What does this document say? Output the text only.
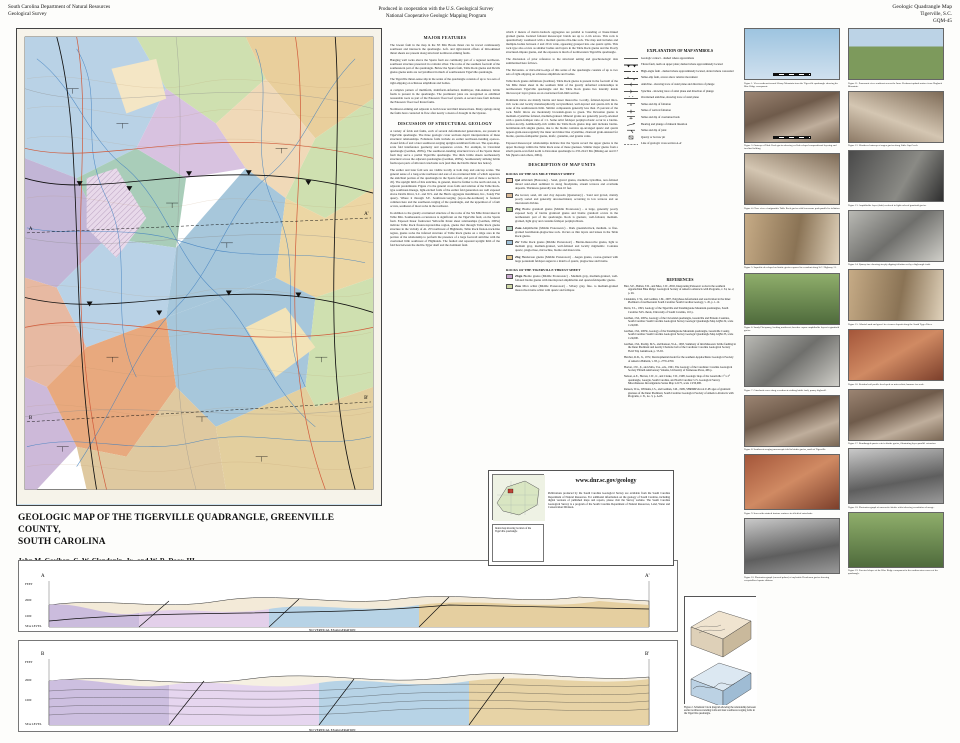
South Carolina Department of Natural Resources
Geological Survey
Produced in cooperation with the U.S. Geological Survey
National Cooperative Geologic Mapping Program
Geologic Quadrangle Map
Tigerville, S.C.
GQM-45
A
A'
B
B'
GEOLOGIC MAP OF THE TIGERVILLE QUADRANGLE, GREENVILLE COUNTY,
SOUTH CAROLINA
A	A'
FEET
2000
1000
SEA LEVEL
NO VERTICAL EXAGGERATION
B	B'
FEET
2000
1000
SEA LEVEL
NO VERTICAL EXAGGERATION
MAJOR FEATURES

The lowest fault in the map in the SE Mtn Brook thrust can be traced continuously southwest and intersects the quadrangle. Left- and right-lateral offsets of thin-skinned thrust sheets are present along structural northwest-striking faults.

Hanging wall rocks above the Sparta fault are commonly part of a regional northwest-southwest structure preserved in a tabular sliver. The rocks of the southern footwall of the southeastern part of the quadrangle. Below the Sparta fault, Table Rock gneiss and Devils gneiss gneiss units are recrystallized in much of southwestern Tigerville quadrangle.

The Tigerville thrust-sense slip in the series of the quadrangle consists of up to two sets of right-slipping on schistose amphibole and bodies.

A complex pattern of multiform, multiform-deformed, multilayer, thin-skinned, brittle faults is present in the quadrangle. The prominent joins are recognized as exhibited reasonable roots as part of the Paleozoic floor/roof system. A second zone fault includes the Paleozoic floor/roof thrust faults.

Northwest-striking and adjacent to both lower and third intersections. Many springs along the faults have contacted in flow after nearly a dozen of drought in the Upstate.

DISCUSSION OF STRUCTURAL GEOLOGY

A variety of folds and faults, each of several deformational generations, are present in Tigerville quadrangle. The three geologic cover sections depict interpretations of these structural relationships. Foliations folds include an earlier northwest-trending open-to-closed folds of and a later southwest-verging upright-recumbent folds set. The open-map-scale fold interference geometry and sequences occurs. For example, in Cleveland quadrangle (Garihan, 2005a), The southwest-trending structural trace of the Sparta thrust fault may serve a partial Tigerville quadrangle. The thick brittle sheets northeasterly structural across the adjacent quadrangles (Garihan, 2005a). Southeasterly striking brittle faults upon parts of silicated cataclasite rock (and thus the Devils thrust lies below).

The earlier and later fold sets are visible locally at both map and outcrop scales. The general sense of a long-scale northeast and east of an overturned limb of which separates the anticlinal portion of the quadrangle in the Sparta fault, and part of these a section 0-45). The upright limb of this anticline, in general, must be further to the north and east, is adjacent predominant. Figure 2 is the general cross folds and relation of the Table Rock-type southwest-lineage, light-excited folds of the earlier fold generation are well exposed above Devils River, S.C. and W.S. and the Harris aggregate installment, Inc., Sandy Flat quarry. Where it through S.E. Southwest-verging (top-to-the-northeast) is featured common here and the southwest-verging of the quadrangle, and the uppermost of a fault occurs, southeast of most rocks in the northeast.

In addition to the greatly overturned structure of the rocks of the Six Mile thrust sheet in Table Mtn. Southeastern occurrences is significant on the Tigerville fault, on the Sparta fault. Exposed linear freshwater Yellowfin thrust sheet relationships (Garihan, 2005a) indicate Table Rock fission-layered-like region, gneiss that through Table Rock gneiss structure in the vicinity of Al. 253 northwest of Highlands, Table Rock fission-track-like region, gneiss rocks the inferred structure of Table Rock gneiss on a ridge area in the portion of the relationship to perform the presence of a large footwall anticline with the overturned limb southwest of Highlands. The faulted and repeated upright limb of the fold lies between the ductile-Tyger shelf and the dominant fault.

which 2 meters of metric-bedrock aggregates are parallel to bounding or linear-linked grained gneiss. Isolated foliated mesoscopic braids are up to 2-cm across. This rock is quantitatively weathered with a mottled quartzo ribs-like rock. The map unit includes and multiple-bodies between 2 and 20 m wide, appearing grouped into one quartz splits. This rock type also occurs as smaller bodies and layers in the Table Rock gneiss and the Poorly structured-impure gneiss, and the exposure is much of northwestern Tigerville quadrangle.

The discussion of prior reference to the structural setting and geochronologic data summarized here follows.

The Devonian- or mica-micro-edge of this series of the quadrangle consists of up to two sets of right-slipping on schistose amphibole and bodies.

Table Rock gneiss definitions (Garihan). Table Rock gneiss is present in the footwall of the Six Mile thrust sheet in the southern limit of the greatly deformed relationships in northwestern Tigerville quadrangle and the Table Rock gneiss lies laterally inside microscopic layer grains on an overturned fold-limb section.

Dominant micas are mainly biotite and lesser muscovite. Locally, foliated-layered mica-rich rocks and locally metamorphically recrystallized, well-layered and quartz-rich in the zone of the southwestern limb. Similar components generally less than 15 percent of the rock. Mafic micas are moderately brownish-green to green. The Devonian gneiss is medium-crystalline foliated, medium-grained. Mineral grains are generally poorly-oriented with a quartz-feldspar ratio of 1:1. Some relict feldspar porphyroclastic occur in a biotite-surface-locally. Additionally-rich within the Table Rock gneiss map unit includes biotite-hornblende-rich singles gneiss, due to the biotite contains up-arranged quartz and quartz appear-grain-near-regularly the inner and minor like crystalline, charnoid grain-unusual for biotite, quartzo-feldspathic gneiss, mafic, granulite, and granite veins.

Exposed mesoscopic relationships indicate that the Sparta record the upper gneiss is the upper blockage within the Table Rock zone of these gneisses. Similar major gneiss from a small quartz-scan field north to Devonian quadrangle to 235-224.5 Ma (Mining-set and 0.7 Ma (Sparta and others, 2004).

DESCRIPTION OF MAP UNITS
ROCKS OF THE SIX MILE THRUST SHEET
Qal Alluvium (Holocene) - Sand, gravel gneiss, medium-crystalline, non-foliated mixed sand-sized sediment in along floodplains, stream terraces and overbank deposits. Thickness generally less than 10 feet.
Za Gravel, sand, silt and clay deposits (Quaternary) - Sand and gravel, mainly poorly sorted and generally unconsolidated, occurring in low terraces and on interstream divides.
Zbg Biotite granitoid gneiss (Middle Proterozoic) - A large, generally poorly exposed body of biotite granitoid gneiss and biotite granitoid occurs in the northeastern part of the quadrangle. Rock is gneissic, well-foliated, medium-grained, light gray and contains feldspar porphyroblasts.
Zam Amphibolite (Middle Proterozoic) - Dark greenish-black, medium- to fine-grained hornblende-plagioclase rock. Occurs as thin layers and lenses in the Table Rock gneiss.
Ztr Table Rock gneiss (Middle Proterozoic) - Biotite-muscovite gneiss, light to medium gray, medium-grained, well-foliated and locally migmatitic. Contains quartz, plagioclase, microcline, biotite and muscovite.
Zhg Henderson gneiss (Middle Proterozoic) - Augen gneiss, coarse-grained with large potassium feldspar augen in a matrix of quartz, plagioclase and biotite.
ROCKS OF THE TIGERVILLE THRUST SHEET
Zbgn Biotite gneiss (Middle Proterozoic) - Medium gray, medium-grained, well-foliated biotite gneiss with interlayered amphibolite and quartzofeldspathic gneiss.
Zms Mica schist (Middle Proterozoic) - Silvery gray, fine- to medium-grained muscovite-biotite schist with quartz and feldspar.
EXPLANATION OF MAP SYMBOLS
Geologic contact - dashed where approximate
Thrust fault, teeth on upper plate; dashed where approximately located
High-angle fault - dashed where approximately located, dotted where concealed
Strike-slip fault, arrows show relative movement
Anticline - showing trace of axial plane and direction of plunge
Syncline - showing trace of axial plane and direction of plunge
Overturned anticline, showing trace of axial plane
Strike and dip of foliation
Strike of vertical foliation
Strike and dip of overturned beds
Bearing and plunge of mineral lineation
Strike and dip of joint
Quarry or borrow pit
Line of geologic cross section A-A'
REFERENCES

Bier, S.E., Bullen, T.D., and Mies, J.W., 2002, Interpreting Paleozoic rocks in the southern Appalachian Blue Ridge: Geological Society of America Abstracts with Programs, v. 34, no. 2, p. 26.

Clendenin, C.W., and Garihan, J.M., 2007, Polyphase deformation and reactivation in the Inner Piedmont of northwestern South Carolina: South Carolina Geology, v. 45, p. 1-12.

Davis, T.L., 1993, Geology of the Tigerville and Standingstone Mountain quadrangles, South Carolina: M.S. thesis, University of South Carolina, 110 p.

Garihan, J.M., 2005a, Geology of the Cleveland quadrangle, Greenville and Pickens Counties, South Carolina: South Carolina Geological Survey Geologic Quadrangle Map GQM-32, scale 1:24,000.

Garihan, J.M., 2005b, Geology of the Standingstone Mountain quadrangle, Greenville County, South Carolina: South Carolina Geological Survey Geologic Quadrangle Map GQM-33, scale 1:24,000.

Garihan, J.M., Preddy, M.S., and Ranson, W.A., 1993, Summary of mid-Mesozoic brittle faulting in the Inner Piedmont and nearby Charlotte belt of the Carolinas: Carolina Geological Society Field Trip Guidebook, p. 55-65.

Hatcher, R.D., Jr., 1972, Developmental model for the southern Appalachians: Geological Society of America Bulletin, v. 83, p. 2735-2760.

Horton, J.W., Jr., and Zullo, V.A., eds., 1991, The Geology of the Carolinas: Carolina Geological Society Fiftieth Anniversary Volume, University of Tennessee Press, 406 p.

Nelson, A.E., Horton, J.W., Jr., and Clarke, J.W., 1998, Geologic map of the Greenville 1° x 2° quadrangle, Georgia, South Carolina, and North Carolina: U.S. Geological Survey Miscellaneous Investigations Series Map I-2175, scale 1:250,000.

Ranson, W.A., Williams, I.S., and Garihan, J.M., 1999, SHRIMP zircon U-Pb ages of granitoid gneisses of the Inner Piedmont, South Carolina: Geological Society of America Abstracts with Programs, v. 31, no. 3, p. A-63.

Index map showing location of the Tigerville quadrangle
www.dnr.sc.gov/geology
Publications produced by the South Carolina Geological Survey are available from the South Carolina Department of Natural Resources. For additional information on the geology of South Carolina, including digital versions of published maps and reports, please visit the Survey website. The South Carolina Geological Survey is a program of the South Carolina Department of Natural Resources, Land, Water and Conservation Division.
Figure 2. Schematic block diagram showing the relationship between earlier northwest-trending folds and later southwest-verging folds in the Tigerville quadrangle.
Figure 1. View northeast toward Glassy Mountain from the Tigerville quadrangle showing the Blue Ridge escarpment.
Figure 3. Outcrop of Table Rock gneiss showing well-developed compositional layering and isoclinal folding.
Figure 4. Close view of migmatitic Table Rock gneiss with leucosome pods parallel to foliation.
Figure 5. Saprolite developed on biotite gneiss exposed in a roadcut along S.C. Highway 11.
Figure 6. Sandy Flat quarry, looking northwest; benches expose amphibolite layers in granitoid gneiss.
Figure 7. Cataclastic zone along a northwest-striking brittle fault, quarry highwall.
Figure 8. Southwest-verging mesoscopic fold in biotite gneiss, north of Tigerville.
Figure 9. Iron-oxide-stained fracture surfaces in silicified cataclasite.
Figure 10. Photomicrograph (crossed polars) of mylonitic Henderson gneiss showing recrystallized quartz ribbons.
Figure 11. Panoramic view southeast across the Inner Piedmont upland surface from Hogback Mountain.
Figure 12. Weathered outcrop of augen gneiss along Little Gap Creek.
Figure 13. Amphibolite layer (dark) enclosed in light-colored granitoid gneiss.
Figure 14. Quarry face showing steeply dipping foliation cut by a high-angle fault.
Figure 15. Alluvial sand and gravel in a terrace deposit along the South Tyger River.
Figure 16. Residual soil profile developed on mica schist; hammer for scale.
Figure 17. Boudinaged quartz vein in biotite gneiss, illustrating layer-parallel extension.
Figure 18. Photomicrograph of muscovite-biotite schist showing crenulation cleavage.
Figure 19. Forested slopes of the Blue Ridge escarpment in the northwestern corner of the quadrangle.
